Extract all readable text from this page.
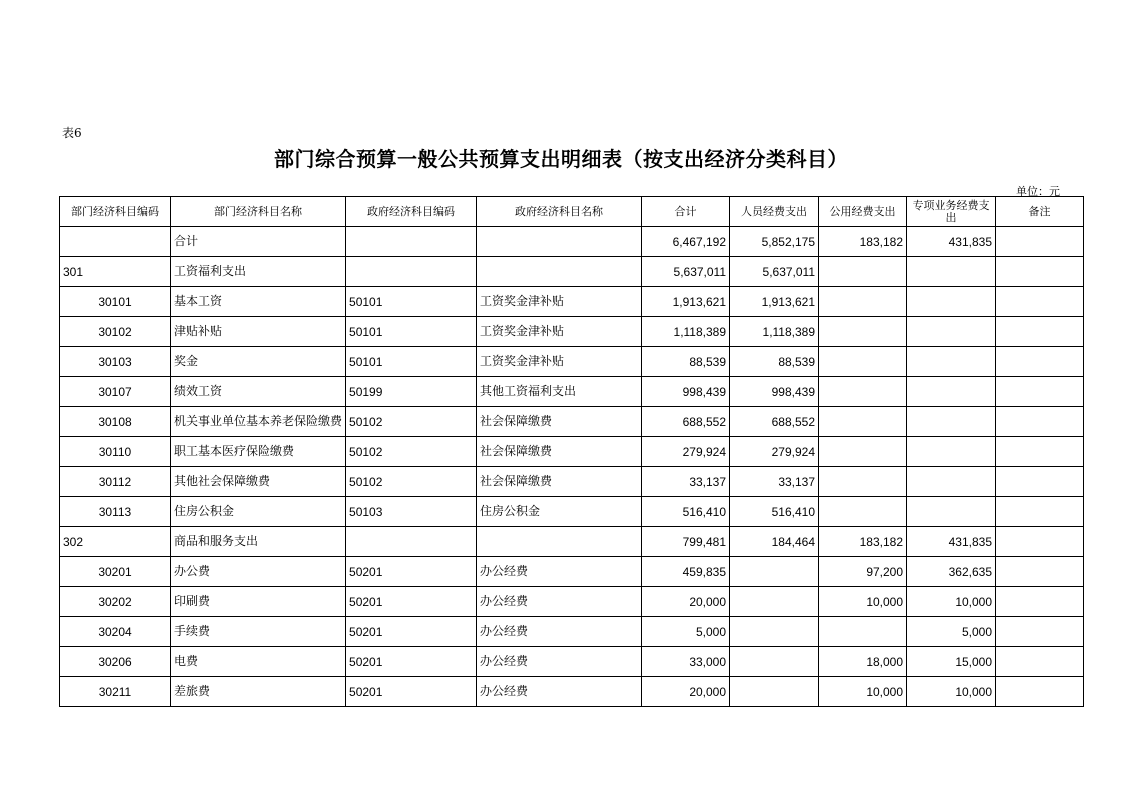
表6
部门综合预算一般公共预算支出明细表（按支出经济分类科目）
单位：元
部门经济科目编码	部门经济科目名称	政府经济科目编码	政府经济科目名称	合计	人员经费支出	公用经费支出	专项业务经费支出	备注
	合计			6,467,192	5,852,175	183,182	431,835	
301	工资福利支出			5,637,011	5,637,011			
30101	基本工资	50101	工资奖金津补贴	1,913,621	1,913,621			
30102	津贴补贴	50101	工资奖金津补贴	1,118,389	1,118,389			
30103	奖金	50101	工资奖金津补贴	88,539	88,539			
30107	绩效工资	50199	其他工资福利支出	998,439	998,439			
30108	机关事业单位基本养老保险缴费	50102	社会保障缴费	688,552	688,552			
30110	职工基本医疗保险缴费	50102	社会保障缴费	279,924	279,924			
30112	其他社会保障缴费	50102	社会保障缴费	33,137	33,137			
30113	住房公积金	50103	住房公积金	516,410	516,410			
302	商品和服务支出			799,481	184,464	183,182	431,835	
30201	办公费	50201	办公经费	459,835		97,200	362,635	
30202	印刷费	50201	办公经费	20,000		10,000	10,000	
30204	手续费	50201	办公经费	5,000			5,000	
30206	电费	50201	办公经费	33,000		18,000	15,000	
30211	差旅费	50201	办公经费	20,000		10,000	10,000	
